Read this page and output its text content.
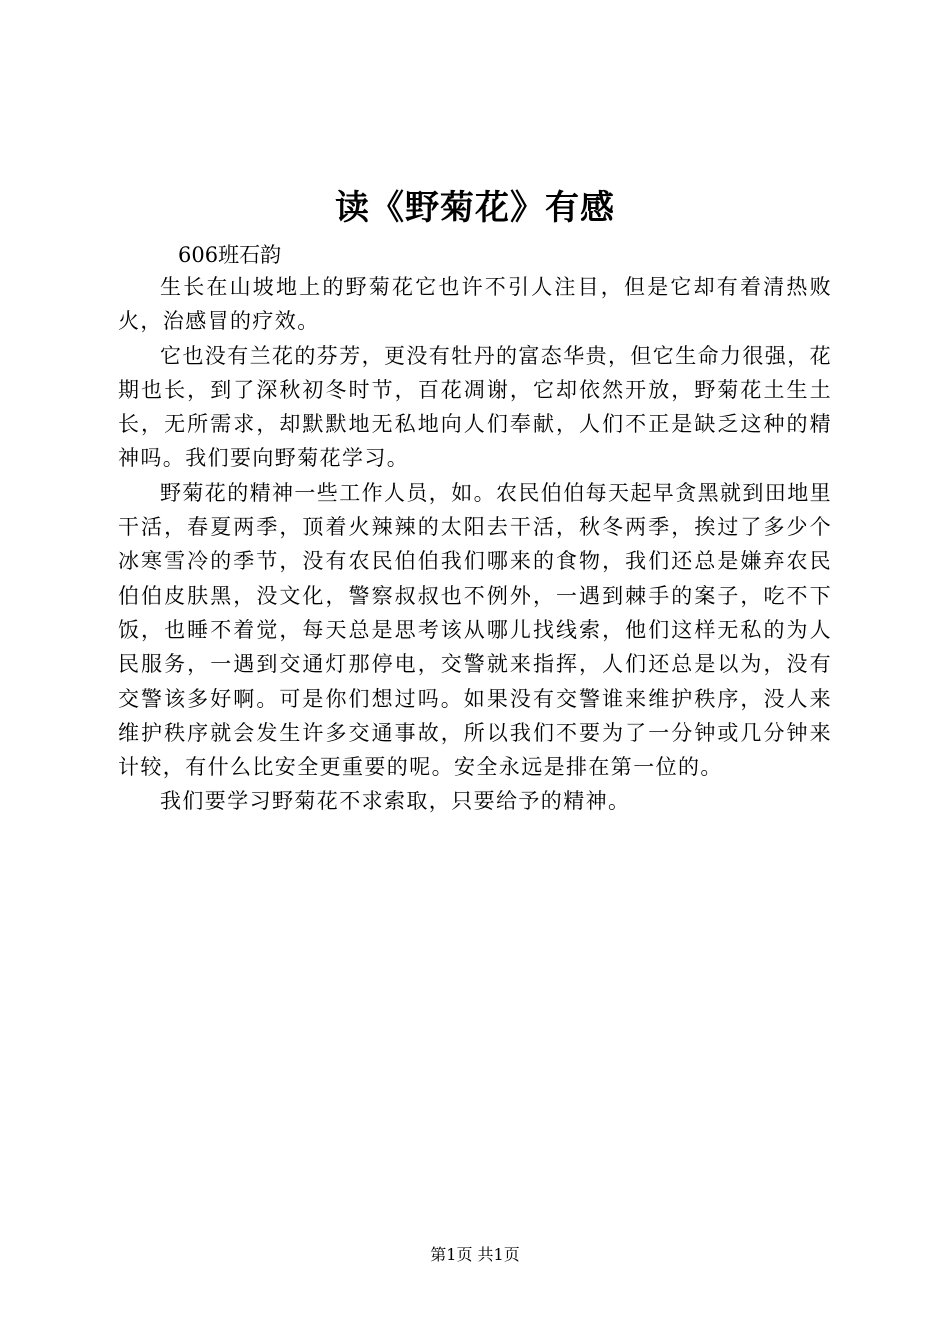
读《野菊花》有感
606班石韵

生长在山坡地上的野菊花它也许不引人注目，但是它却有着清热败火，治感冒的疗效。

它也没有兰花的芬芳，更没有牡丹的富态华贵，但它生命力很强，花期也长，到了深秋初冬时节，百花凋谢，它却依然开放，野菊花土生土长，无所需求，却默默地无私地向人们奉献，人们不正是缺乏这种的精神吗。我们要向野菊花学习。

野菊花的精神一些工作人员，如。农民伯伯每天起早贪黑就到田地里干活，春夏两季，顶着火辣辣的太阳去干活，秋冬两季，挨过了多少个冰寒雪冷的季节，没有农民伯伯我们哪来的食物，我们还总是嫌弃农民伯伯皮肤黑，没文化，警察叔叔也不例外，一遇到棘手的案子，吃不下饭，也睡不着觉，每天总是思考该从哪儿找线索，他们这样无私的为人民服务，一遇到交通灯那停电，交警就来指挥，人们还总是以为，没有交警该多好啊。可是你们想过吗。如果没有交警谁来维护秩序，没人来维护秩序就会发生许多交通事故，所以我们不要为了一分钟或几分钟来计较，有什么比安全更重要的呢。安全永远是排在第一位的。

我们要学习野菊花不求索取，只要给予的精神。

第1页 共1页
